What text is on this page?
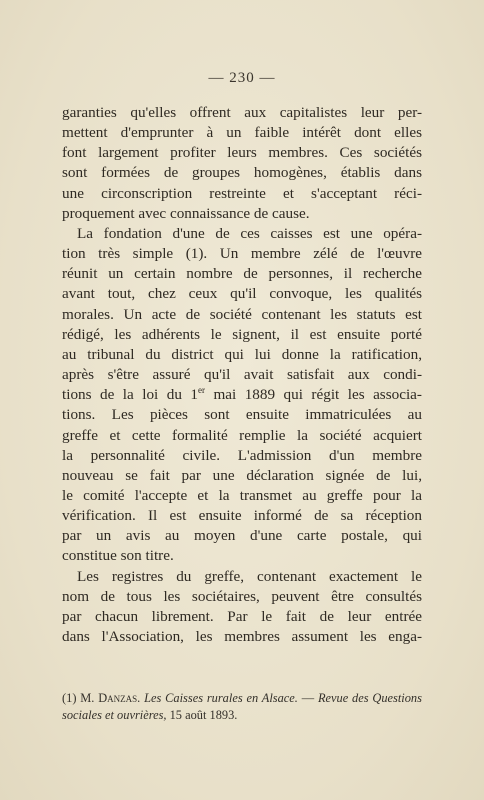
— 230 —
garanties qu'elles offrent aux capitalistes leur per-
mettent d'emprunter à un faible intérêt dont elles
font largement profiter leurs membres. Ces sociétés
sont formées de groupes homogènes, établis dans
une circonscription restreinte et s'acceptant réci-
proquement avec connaissance de cause.
La fondation d'une de ces caisses est une opéra-
tion très simple (1). Un membre zélé de l'œuvre
réunit un certain nombre de personnes, il recherche
avant tout, chez ceux qu'il convoque, les qualités
morales. Un acte de société contenant les statuts est
rédigé, les adhérents le signent, il est ensuite porté
au tribunal du district qui lui donne la ratification,
après s'être assuré qu'il avait satisfait aux condi-
tions de la loi du 1er mai 1889 qui régit les associa-
tions. Les pièces sont ensuite immatriculées au
greffe et cette formalité remplie la société acquiert
la personnalité civile. L'admission d'un membre
nouveau se fait par une déclaration signée de lui,
le comité l'accepte et la transmet au greffe pour la
vérification. Il est ensuite informé de sa réception
par un avis au moyen d'une carte postale, qui
constitue son titre.
Les registres du greffe, contenant exactement le
nom de tous les sociétaires, peuvent être consultés
par chacun librement. Par le fait de leur entrée
dans l'Association, les membres assument les enga-
(1) M. Danzas. Les Caisses rurales en Alsace. — Revue des Questions
sociales et ouvrières, 15 août 1893.
